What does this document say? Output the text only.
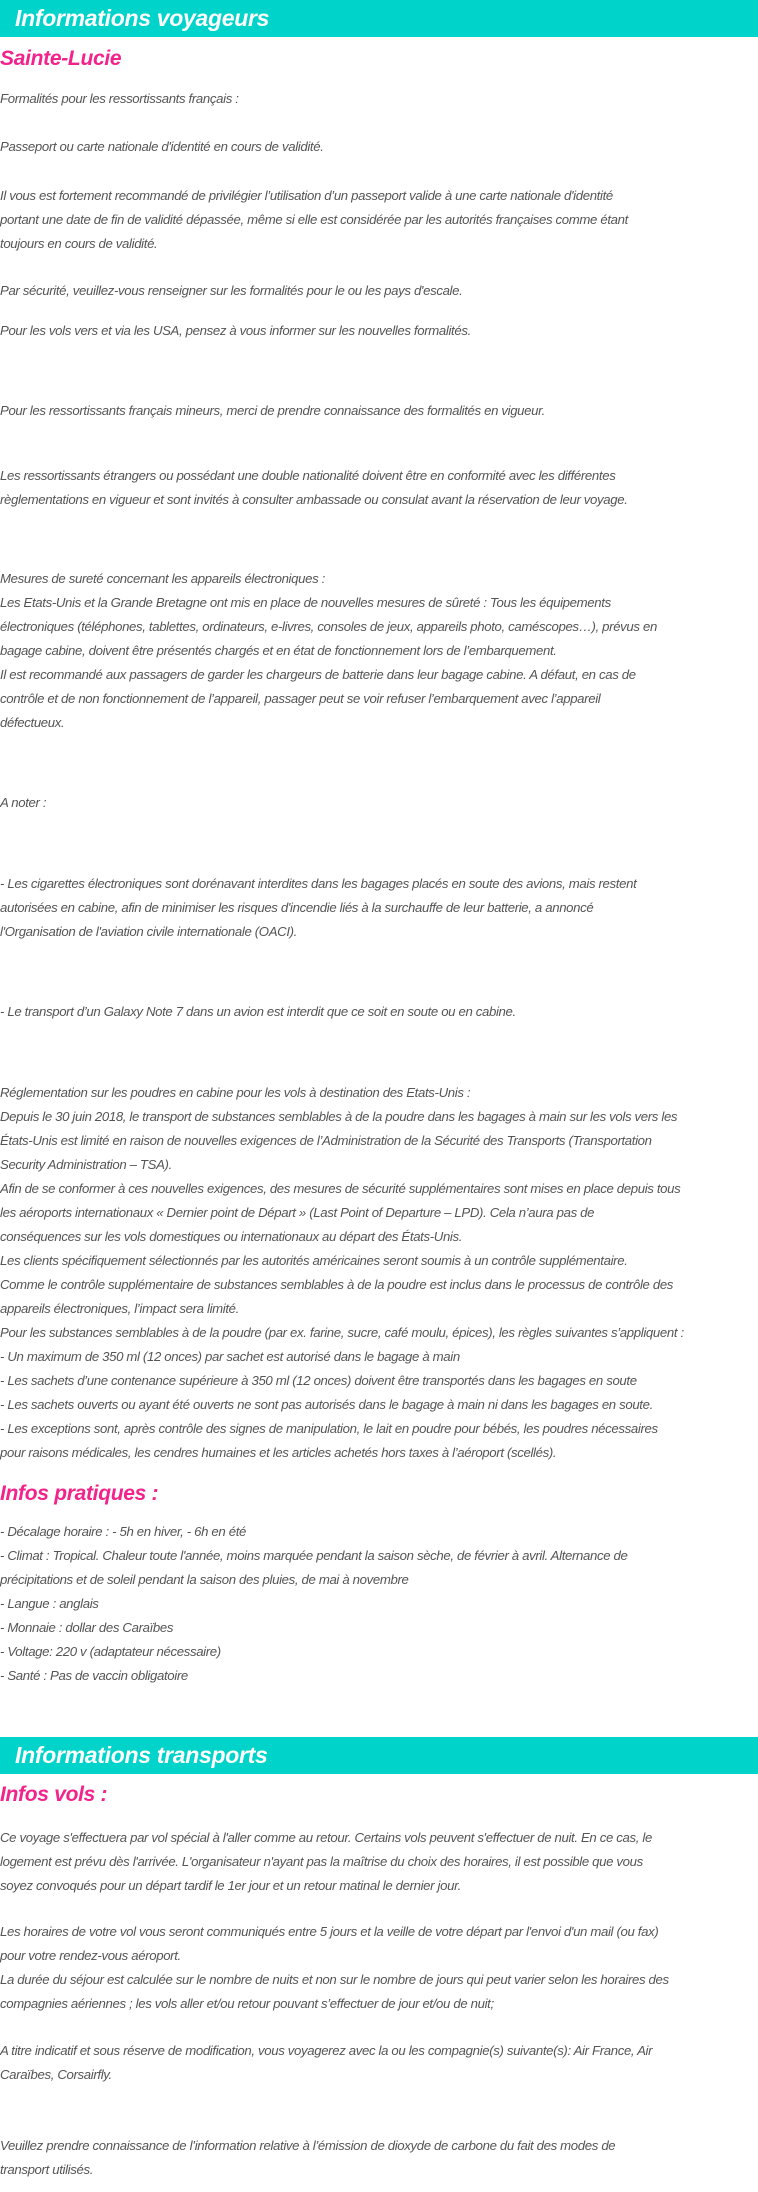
Informations voyageurs
Sainte-Lucie
Formalités pour les ressortissants français :
Passeport ou carte nationale d'identité en cours de validité.
Il vous est fortement recommandé de privilégier l’utilisation d’un passeport valide à une carte nationale d'identité
portant une date de fin de validité dépassée, même si elle est considérée par les autorités françaises comme étant
toujours en cours de validité.
Par sécurité, veuillez-vous renseigner sur les formalités pour le ou les pays d'escale.
Pour les vols vers et via les USA, pensez à vous informer sur les nouvelles formalités.
Pour les ressortissants français mineurs, merci de prendre connaissance des formalités en vigueur.
Les ressortissants étrangers ou possédant une double nationalité doivent être en conformité avec les différentes
règlementations en vigueur et sont invités à consulter ambassade ou consulat avant la réservation de leur voyage.
Mesures de sureté concernant les appareils électroniques :
Les Etats-Unis et la Grande Bretagne ont mis en place de nouvelles mesures de sûreté : Tous les équipements
électroniques (téléphones, tablettes, ordinateurs, e-livres, consoles de jeux, appareils photo, caméscopes…), prévus en
bagage cabine, doivent être présentés chargés et en état de fonctionnement lors de l’embarquement.
Il est recommandé aux passagers de garder les chargeurs de batterie dans leur bagage cabine. A défaut, en cas de
contrôle et de non fonctionnement de l’appareil, passager peut se voir refuser l’embarquement avec l’appareil
défectueux.
A noter :
- Les cigarettes électroniques sont dorénavant interdites dans les bagages placés en soute des avions, mais restent
autorisées en cabine, afin de minimiser les risques d'incendie liés à la surchauffe de leur batterie, a annoncé
l'Organisation de l'aviation civile internationale (OACI).
- Le transport d’un Galaxy Note 7 dans un avion est interdit que ce soit en soute ou en cabine.
Réglementation sur les poudres en cabine pour les vols à destination des Etats-Unis :
Depuis le 30 juin 2018, le transport de substances semblables à de la poudre dans les bagages à main sur les vols vers les
États-Unis est limité en raison de nouvelles exigences de l’Administration de la Sécurité des Transports (Transportation
Security Administration – TSA).
Afin de se conformer à ces nouvelles exigences, des mesures de sécurité supplémentaires sont mises en place depuis tous
les aéroports internationaux « Dernier point de Départ » (Last Point of Departure – LPD). Cela n’aura pas de
conséquences sur les vols domestiques ou internationaux au départ des États-Unis.
Les clients spécifiquement sélectionnés par les autorités américaines seront soumis à un contrôle supplémentaire.
Comme le contrôle supplémentaire de substances semblables à de la poudre est inclus dans le processus de contrôle des
appareils électroniques, l’impact sera limité.
Pour les substances semblables à de la poudre (par ex. farine, sucre, café moulu, épices), les règles suivantes s’appliquent :
- Un maximum de 350 ml (12 onces) par sachet est autorisé dans le bagage à main
- Les sachets d’une contenance supérieure à 350 ml (12 onces) doivent être transportés dans les bagages en soute
- Les sachets ouverts ou ayant été ouverts ne sont pas autorisés dans le bagage à main ni dans les bagages en soute.
- Les exceptions sont, après contrôle des signes de manipulation, le lait en poudre pour bébés, les poudres nécessaires
pour raisons médicales, les cendres humaines et les articles achetés hors taxes à l’aéroport (scellés).
Infos pratiques :
- Décalage horaire : - 5h en hiver, - 6h en été
- Climat : Tropical. Chaleur toute l'année, moins marquée pendant la saison sèche, de février à avril. Alternance de
précipitations et de soleil pendant la saison des pluies, de mai à novembre
- Langue : anglais
- Monnaie : dollar des Caraïbes
- Voltage: 220 v (adaptateur nécessaire)
- Santé : Pas de vaccin obligatoire
Informations transports
Infos vols :
Ce voyage s'effectuera par vol spécial à l'aller comme au retour. Certains vols peuvent s'effectuer de nuit. En ce cas, le
logement est prévu dès l'arrivée. L'organisateur n'ayant pas la maîtrise du choix des horaires, il est possible que vous
soyez convoqués pour un départ tardif le 1er jour et un retour matinal le dernier jour.
Les horaires de votre vol vous seront communiqués entre 5 jours et la veille de votre départ par l'envoi d'un mail (ou fax)
pour votre rendez-vous aéroport.
La durée du séjour est calculée sur le nombre de nuits et non sur le nombre de jours qui peut varier selon les horaires des
compagnies aériennes ; les vols aller et/ou retour pouvant s’effectuer de jour et/ou de nuit;
A titre indicatif et sous réserve de modification, vous voyagerez avec la ou les compagnie(s) suivante(s): Air France, Air
Caraïbes, Corsairfly.
Veuillez prendre connaissance de l’information relative à l’émission de dioxyde de carbone du fait des modes de
transport utilisés.
